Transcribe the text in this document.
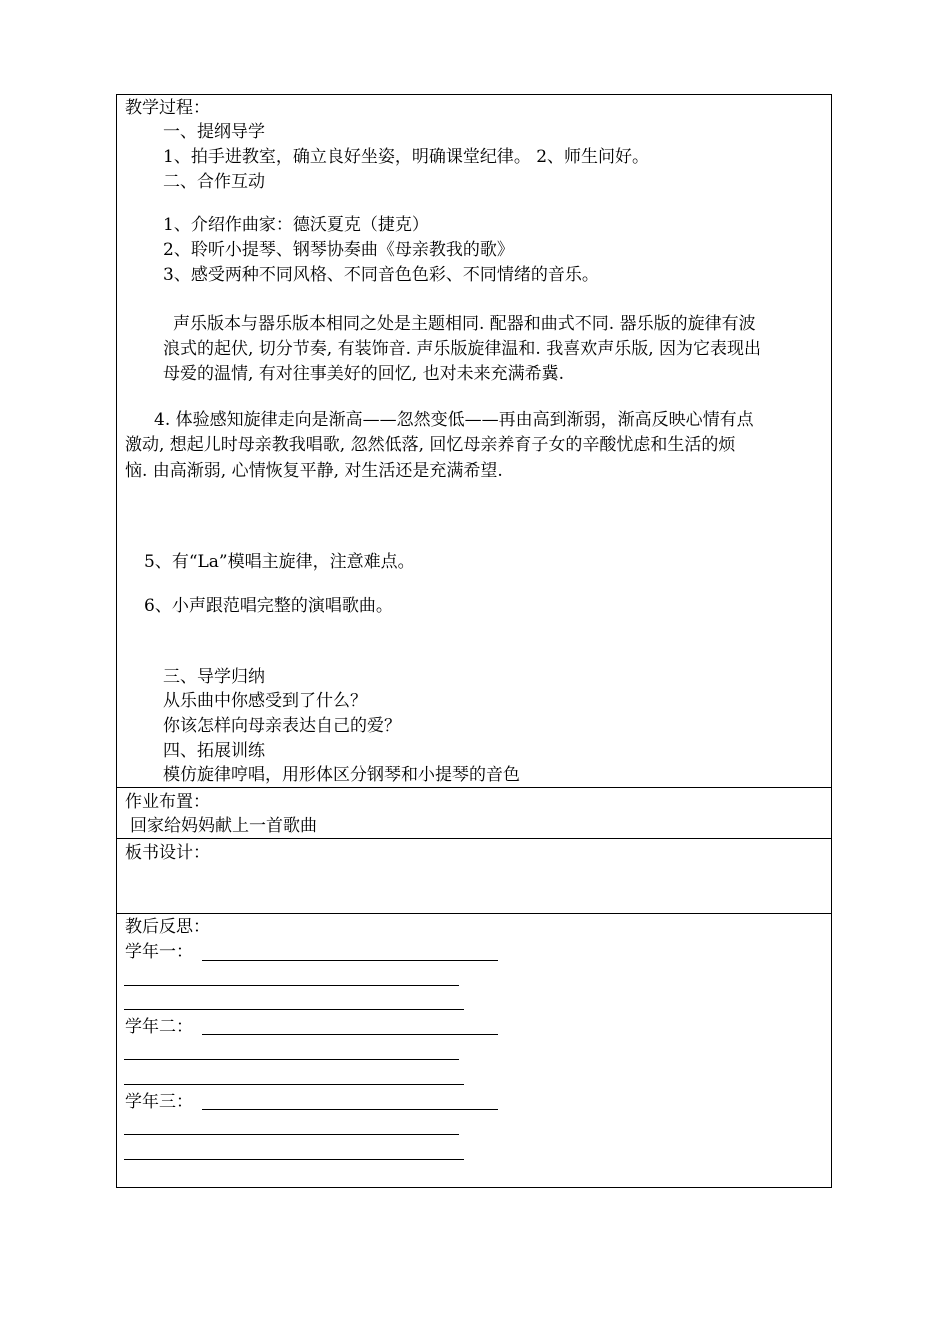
教学过程：
一、提纲导学
1、拍手进教室，确立良好坐姿，明确课堂纪律。 2、师生问好。
二、合作互动
1、介绍作曲家：德沃夏克（捷克）
2、聆听小提琴、钢琴协奏曲《母亲教我的歌》
3、感受两种不同风格、不同音色色彩、不同情绪的音乐。
声乐版本与器乐版本相同之处是主题相同. 配器和曲式不同. 器乐版的旋律有波
浪式的起伏, 切分节奏, 有装饰音. 声乐版旋律温和. 我喜欢声乐版, 因为它表现出
母爱的温情, 有对往事美好的回忆, 也对未来充满希冀.
4. 体验感知旋律走向是渐高——忽然变低——再由高到渐弱，渐高反映心情有点
激动, 想起儿时母亲教我唱歌, 忽然低落, 回忆母亲养育子女的辛酸忧虑和生活的烦
恼. 由高渐弱, 心情恢复平静, 对生活还是充满希望.
5、有“La”模唱主旋律，注意难点。
6、小声跟范唱完整的演唱歌曲。
三、导学归纳
从乐曲中你感受到了什么？
你该怎样向母亲表达自己的爱？
四、拓展训练
模仿旋律哼唱，用形体区分钢琴和小提琴的音色
作业布置：
回家给妈妈献上一首歌曲
板书设计：
教后反思：
学年一：
学年二：
学年三：
